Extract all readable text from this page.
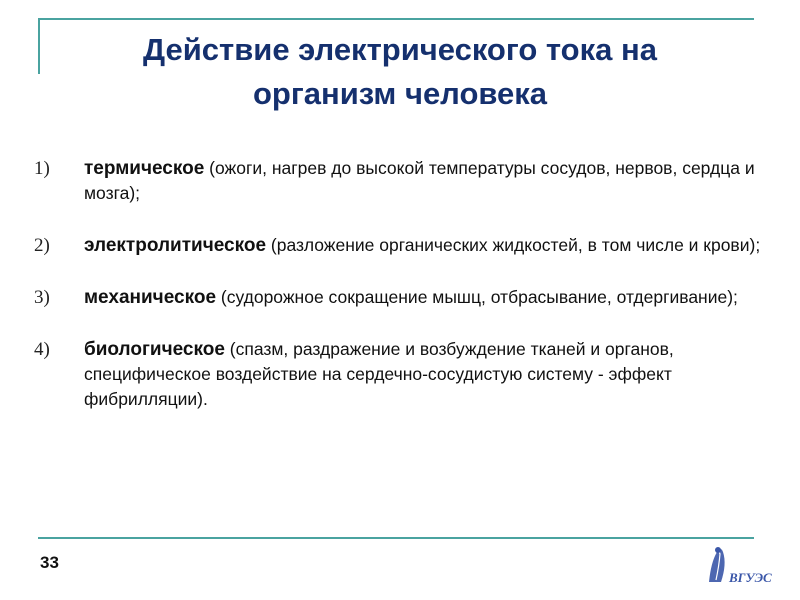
Действие электрического тока на
организм человека
1)	термическое (ожоги, нагрев до высокой температуры сосудов, нервов, сердца и мозга);
2)	электролитическое (разложение органических жидкостей, в том числе и крови);
3)	механическое (судорожное сокращение мышц, отбрасывание, отдергивание);
4)	биологическое (спазм, раздражение и возбуждение тканей и органов, специфическое воздействие на сердечно-сосудистую систему - эффект фибрилляции).
33
ВГУЭС
